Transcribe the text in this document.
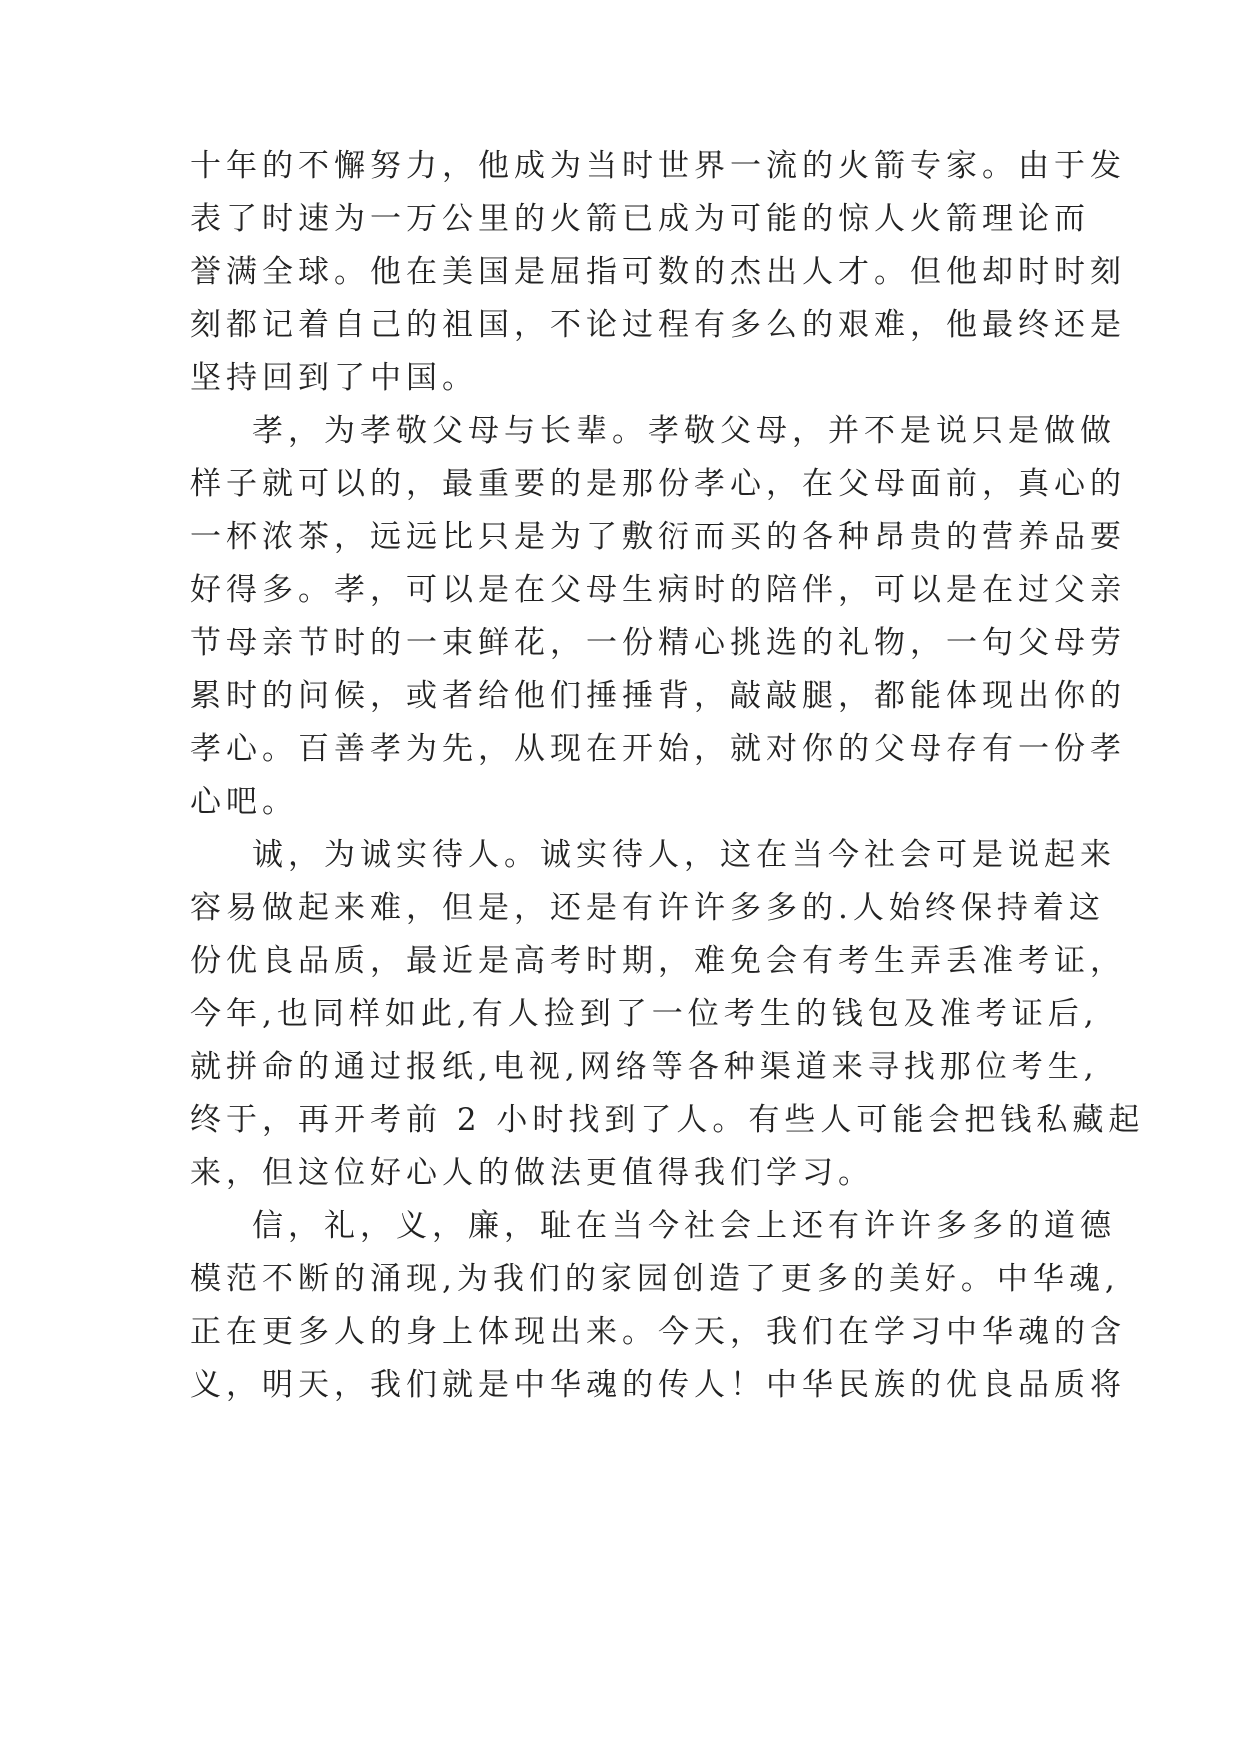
十年的不懈努力，他成为当时世界一流的火箭专家。由于发
表了时速为一万公里的火箭已成为可能的惊人火箭理论而
誉满全球。他在美国是屈指可数的杰出人才。但他却时时刻
刻都记着自己的祖国，不论过程有多么的艰难，他最终还是
坚持回到了中国。
孝，为孝敬父母与长辈。孝敬父母，并不是说只是做做
样子就可以的，最重要的是那份孝心，在父母面前，真心的
一杯浓茶，远远比只是为了敷衍而买的各种昂贵的营养品要
好得多。孝，可以是在父母生病时的陪伴，可以是在过父亲
节母亲节时的一束鲜花，一份精心挑选的礼物，一句父母劳
累时的问候，或者给他们捶捶背，敲敲腿，都能体现出你的
孝心。百善孝为先，从现在开始，就对你的父母存有一份孝
心吧。
诚，为诚实待人。诚实待人，这在当今社会可是说起来
容易做起来难，但是，还是有许许多多的.人始终保持着这
份优良品质，最近是高考时期，难免会有考生弄丢准考证，
今年,也同样如此,有人捡到了一位考生的钱包及准考证后,
就拼命的通过报纸,电视,网络等各种渠道来寻找那位考生,
终于，再开考前 2 小时找到了人。有些人可能会把钱私藏起
来，但这位好心人的做法更值得我们学习。
信，礼，义，廉，耻在当今社会上还有许许多多的道德
模范不断的涌现,为我们的家园创造了更多的美好。中华魂,
正在更多人的身上体现出来。今天，我们在学习中华魂的含
义，明天，我们就是中华魂的传人！中华民族的优良品质将
